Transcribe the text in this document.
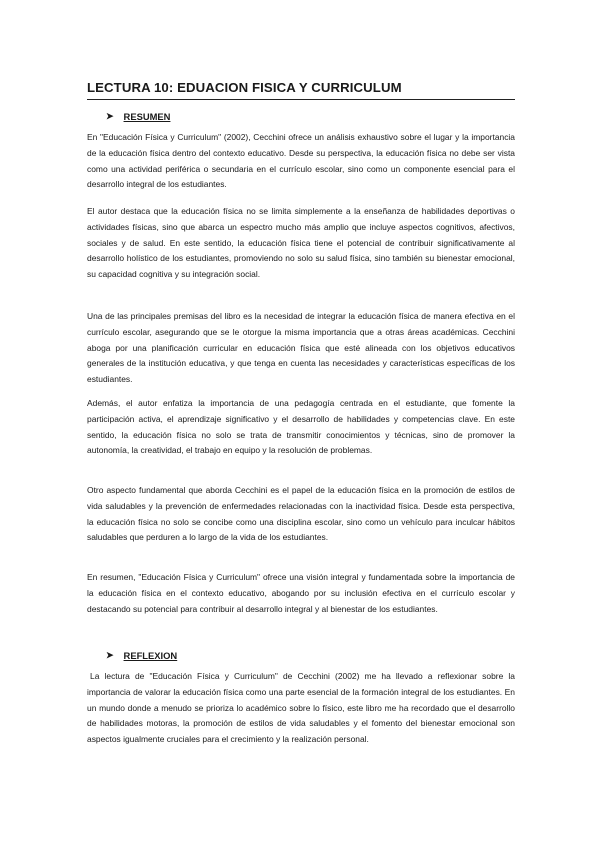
LECTURA 10: EDUACION FISICA Y CURRICULUM
➤ RESUMEN

En "Educación Física y Curriculum" (2002), Cecchini ofrece un análisis exhaustivo sobre el lugar y la importancia de la educación física dentro del contexto educativo. Desde su perspectiva, la educación física no debe ser vista como una actividad periférica o secundaria en el currículo escolar, sino como un componente esencial para el desarrollo integral de los estudiantes.

El autor destaca que la educación física no se limita simplemente a la enseñanza de habilidades deportivas o actividades físicas, sino que abarca un espectro mucho más amplio que incluye aspectos cognitivos, afectivos, sociales y de salud. En este sentido, la educación física tiene el potencial de contribuir significativamente al desarrollo holístico de los estudiantes, promoviendo no solo su salud física, sino también su bienestar emocional, su capacidad cognitiva y su integración social.

Una de las principales premisas del libro es la necesidad de integrar la educación física de manera efectiva en el currículo escolar, asegurando que se le otorgue la misma importancia que a otras áreas académicas. Cecchini aboga por una planificación curricular en educación física que esté alineada con los objetivos educativos generales de la institución educativa, y que tenga en cuenta las necesidades y características específicas de los estudiantes.

Además, el autor enfatiza la importancia de una pedagogía centrada en el estudiante, que fomente la participación activa, el aprendizaje significativo y el desarrollo de habilidades y competencias clave. En este sentido, la educación física no solo se trata de transmitir conocimientos y técnicas, sino de promover la autonomía, la creatividad, el trabajo en equipo y la resolución de problemas.

Otro aspecto fundamental que aborda Cecchini es el papel de la educación física en la promoción de estilos de vida saludables y la prevención de enfermedades relacionadas con la inactividad física. Desde esta perspectiva, la educación física no solo se concibe como una disciplina escolar, sino como un vehículo para inculcar hábitos saludables que perduren a lo largo de la vida de los estudiantes.

En resumen, "Educación Física y Curriculum" ofrece una visión integral y fundamentada sobre la importancia de la educación física en el contexto educativo, abogando por su inclusión efectiva en el currículo escolar y destacando su potencial para contribuir al desarrollo integral y al bienestar de los estudiantes.

➤ REFLEXION

La lectura de "Educación Física y Curriculum" de Cecchini (2002) me ha llevado a reflexionar sobre la importancia de valorar la educación física como una parte esencial de la formación integral de los estudiantes. En un mundo donde a menudo se prioriza lo académico sobre lo físico, este libro me ha recordado que el desarrollo de habilidades motoras, la promoción de estilos de vida saludables y el fomento del bienestar emocional son aspectos igualmente cruciales para el crecimiento y la realización personal.
